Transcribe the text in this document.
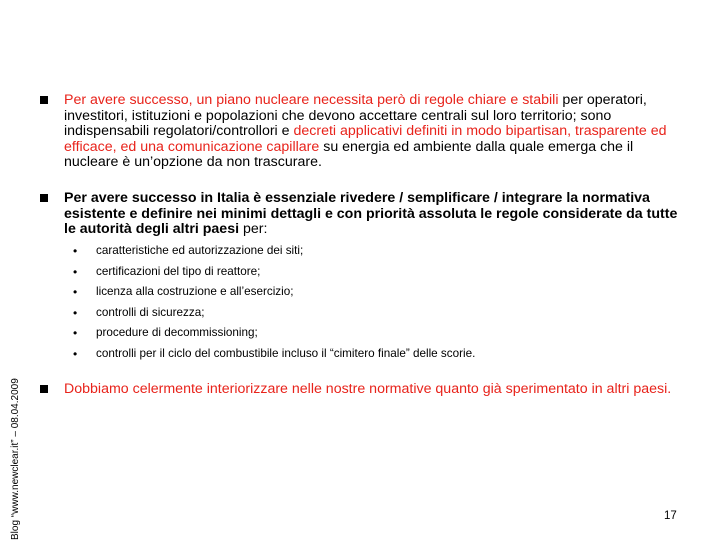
Blog “www.newclear.it” – 08.04.2009
Per avere successo, un piano nucleare necessita però di regole chiare e stabili per operatori, investitori, istituzioni e popolazioni che devono accettare centrali sul loro territorio; sono indispensabili regolatori/controllori e decreti applicativi definiti in modo bipartisan, trasparente ed efficace, ed una comunicazione capillare su energia ed ambiente dalla quale emerga che il nucleare è un’opzione da non trascurare.
Per avere successo in Italia è essenziale rivedere / semplificare / integrare la normativa esistente e definire nei minimi dettagli e con priorità assoluta le regole considerate da tutte le autorità degli altri paesi per:
• caratteristiche ed autorizzazione dei siti;
• certificazioni del tipo di reattore;
• licenza alla costruzione e all’esercizio;
• controlli di sicurezza;
• procedure di decommissioning;
• controlli per il ciclo del combustibile incluso il “cimitero finale” delle scorie.
Dobbiamo celermente interiorizzare nelle nostre normative quanto già sperimentato in altri paesi.
17
